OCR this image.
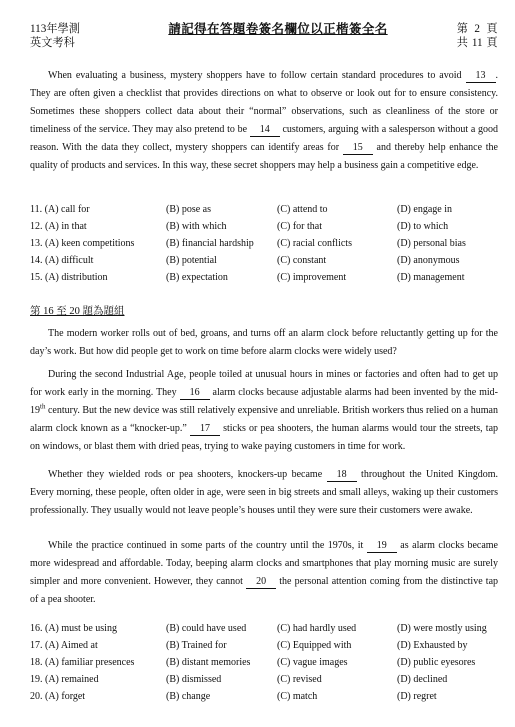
113年學測
英文考科
請記得在答題卷簽名欄位以正楷簽全名	第 2 頁
共 11 頁
When evaluating a business, mystery shoppers have to follow certain standard procedures to avoid 13 . They are often given a checklist that provides directions on what to observe or look out for to ensure consistency. Sometimes these shoppers collect data about their “normal” observations, such as cleanliness of the store or timeliness of the service. They may also pretend to be 14 customers, arguing with a salesperson without a good reason. With the data they collect, mystery shoppers can identify areas for 15 and thereby help enhance the quality of products and services. In this way, these secret shoppers may help a business gain a competitive edge.
11. (A) call for	(B) pose as	(C) attend to	(D) engage in
12. (A) in that	(B) with which	(C) for that	(D) to which
13. (A) keen competitions	(B) financial hardship (C) racial conflicts	(D) personal bias
14. (A) difficult	(B) potential	(C) constant	(D) anonymous
15. (A) distribution	(B) expectation	(C) improvement	(D) management
第 16 至 20 題為題組
The modern worker rolls out of bed, groans, and turns off an alarm clock before reluctantly getting up for the day’s work. But how did people get to work on time before alarm clocks were widely used?
During the second Industrial Age, people toiled at unusual hours in mines or factories and often had to get up for work early in the morning. They 16 alarm clocks because adjustable alarms had been invented by the mid-19th century. But the new device was still relatively expensive and unreliable. British workers thus relied on a human alarm clock known as a “knocker-up.” 17 sticks or pea shooters, the human alarms would tour the streets, tap on windows, or blast them with dried peas, trying to wake paying customers in time for work.
Whether they wielded rods or pea shooters, knockers-up became 18 throughout the United Kingdom. Every morning, these people, often older in age, were seen in big streets and small alleys, waking up their customers professionally. They usually would not leave people’s houses until they were sure their customers were awake.
While the practice continued in some parts of the country until the 1970s, it 19 as alarm clocks became more widespread and affordable. Today, beeping alarm clocks and smartphones that play morning music are surely simpler and more convenient. However, they cannot 20 the personal attention coming from the distinctive tap of a pea shooter.
16. (A) must be using	(B) could have used	(C) had hardly used	(D) were mostly using
17. (A) Aimed at	(B) Trained for	(C) Equipped with	(D) Exhausted by
18. (A) familiar presences	(B) distant memories	(C) vague images	(D) public eyesores
19. (A) remained	(B) dismissed	(C) revised	(D) declined
20. (A) forget	(B) change	(C) match	(D) regret
